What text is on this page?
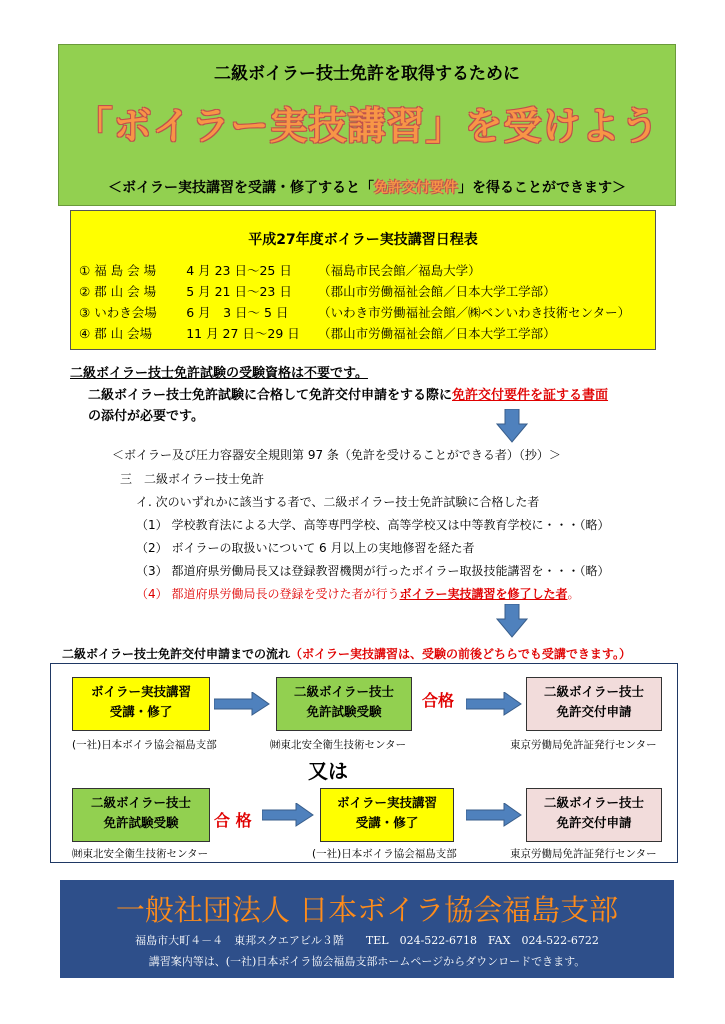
二級ボイラー技士免許を取得するために
「ボイラー実技講習」を受けよう
＜ボイラー実技講習を受講・修了すると「免許交付要件」を得ることができます＞
平成27年度ボイラー実技講習日程表
① 福 島 会 場 4 月 23 日～25 日 （福島市民会館／福島大学）
② 郡 山 会 場 5 月 21 日～23 日 （郡山市労働福祉会館／日本大学工学部）
③ いわき会場 6 月　3 日～ 5 日 （いわき市労働福祉会館／㈱ベンいわき技術センター）
④ 郡 山 会場	11 月 27 日～29 日 （郡山市労働福祉会館／日本大学工学部）
二級ボイラー技士免許試験の受験資格は不要です。
二級ボイラー技士免許試験に合格して免許交付申請をする際に免許交付要件を証する書面
の添付が必要です。
＜ボイラー及び圧力容器安全規則第 97 条（免許を受けることができる者）（抄）＞
三　二級ボイラー技士免許
イ. 次のいずれかに該当する者で、二級ボイラー技士免許試験に合格した者
（1） 学校教育法による大学、高等専門学校、高等学校又は中等教育学校に・・・（略）
（2） ボイラーの取扱いについて 6 月以上の実地修習を経た者
（3） 都道府県労働局長又は登録教習機関が行ったボイラー取扱技能講習を・・・（略）
（4） 都道府県労働局長の登録を受けた者が行うボイラー実技講習を修了した者。
二級ボイラー技士免許交付申請までの流れ（ボイラー実技講習は、受験の前後どちらでも受講できます。）
ボイラー実技講習
受講・修了
(一社)日本ボイラ協会福島支部
二級ボイラー技士
免許試験受験
㈶東北安全衛生技術センター
合格	二級ボイラー技士
免許交付申請
東京労働局免許証発行センター
又は
二級ボイラー技士
免許試験受験
㈶東北安全衛生技術センター
合 格
ボイラー実技講習
受講・修了
(一社)日本ボイラ協会福島支部
二級ボイラー技士
免許交付申請
東京労働局免許証発行センター
一般社団法人 日本ボイラ協会福島支部
福島市大町４－４　東邦スクエアビル３階　　TEL　024-522-6718　FAX　024-522-6722
講習案内等は、(一社)日本ボイラ協会福島支部ホームページからダウンロードできます。
